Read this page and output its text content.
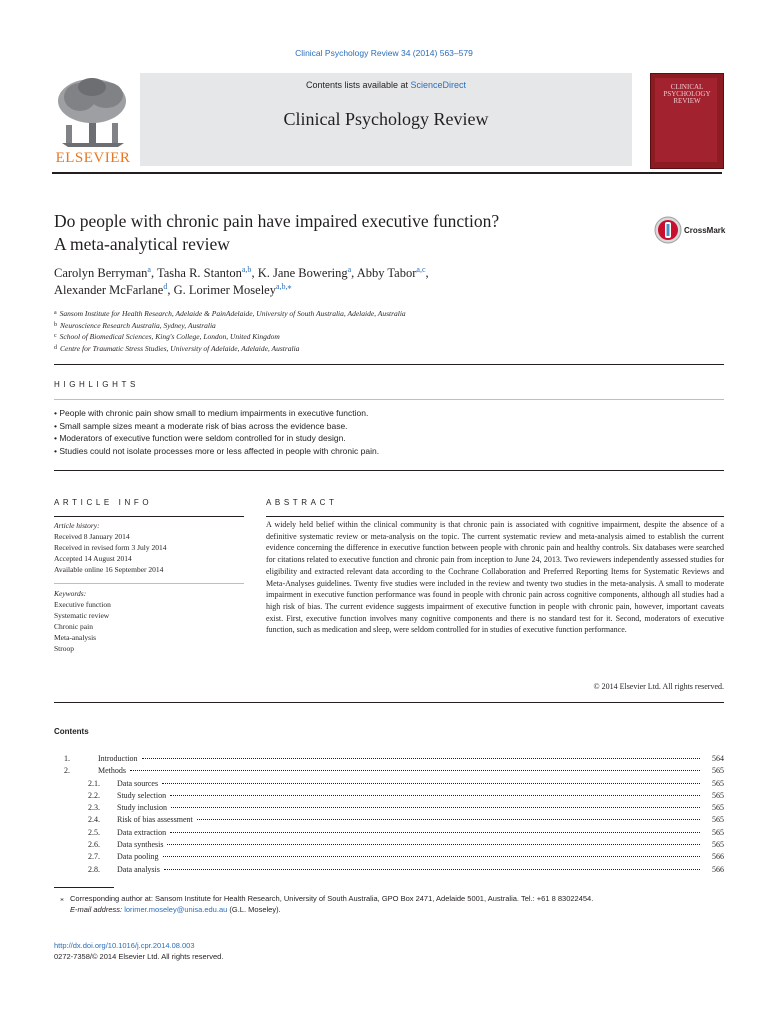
Clinical Psychology Review 34 (2014) 563–579
ELSEVIER
Contents lists available at ScienceDirect
Clinical Psychology Review
CLINICAL PSYCHOLOGY REVIEW
Do people with chronic pain have impaired executive function?
A meta-analytical review
CrossMark
Carolyn Berryman$^a$, Tasha R. Stanton$^{a,b}$, K. Jane Bowering$^a$, Abby Tabor$^{a,c}$,
Alexander McFarlane$^d$, G. Lorimer Moseley$^{a,b,⁎}$
$^a$ Sansom Institute for Health Research, Adelaide & PainAdelaide, University of South Australia, Adelaide, Australia
$^b$ Neuroscience Research Australia, Sydney, Australia
$^c$ School of Biomedical Sciences, King's College, London, United Kingdom
$^d$ Centre for Traumatic Stress Studies, University of Adelaide, Adelaide, Australia
HIGHLIGHTS
• People with chronic pain show small to medium impairments in executive function.
• Small sample sizes meant a moderate risk of bias across the evidence base.
• Moderators of executive function were seldom controlled for in study design.
• Studies could not isolate processes more or less affected in people with chronic pain.
ARTICLE INFO
Article history:
Received 8 January 2014
Received in revised form 3 July 2014
Accepted 14 August 2014
Available online 16 September 2014
Keywords:
Executive function
Systematic review
Chronic pain
Meta-analysis
Stroop
ABSTRACT
A widely held belief within the clinical community is that chronic pain is associated with cognitive impairment, despite the absence of a definitive systematic review or meta-analysis on the topic. The current systematic review and meta-analysis aimed to establish the current evidence concerning the difference in executive function between people with chronic pain and healthy controls. Six databases were searched for citations related to executive function and chronic pain from inception to June 24, 2013. Two reviewers independently assessed studies for eligibility and extracted relevant data according to the Cochrane Collaboration and Preferred Reporting Items for Systematic Reviews and Meta-Analyses guidelines. Twenty five studies were included in the review and twenty two studies in the meta-analysis. A small to moderate impairment in executive function performance was found in people with chronic pain across cognitive components, although all studies had a high risk of bias. The current evidence suggests impairment of executive function in people with chronic pain, however, important caveats exist. First, executive function involves many cognitive components and there is no standard test for it. Second, moderators of executive function, such as medication and sleep, were seldom controlled for in studies of executive function performance.
© 2014 Elsevier Ltd. All rights reserved.
Contents
1.	Introduction	564
2.	Methods	565
2.1.	Data sources	565
2.2.	Study selection	565
2.3.	Study inclusion	565
2.4.	Risk of bias assessment	565
2.5.	Data extraction	565
2.6.	Data synthesis	565
2.7.	Data pooling	566
2.8.	Data analysis	566
⁎ Corresponding author at: Sansom Institute for Health Research, University of South Australia, GPO Box 2471, Adelaide 5001, Australia. Tel.: +61 8 83022454.
E-mail address: lorimer.moseley@unisa.edu.au (G.L. Moseley).
http://dx.doi.org/10.1016/j.cpr.2014.08.003
0272-7358/© 2014 Elsevier Ltd. All rights reserved.
